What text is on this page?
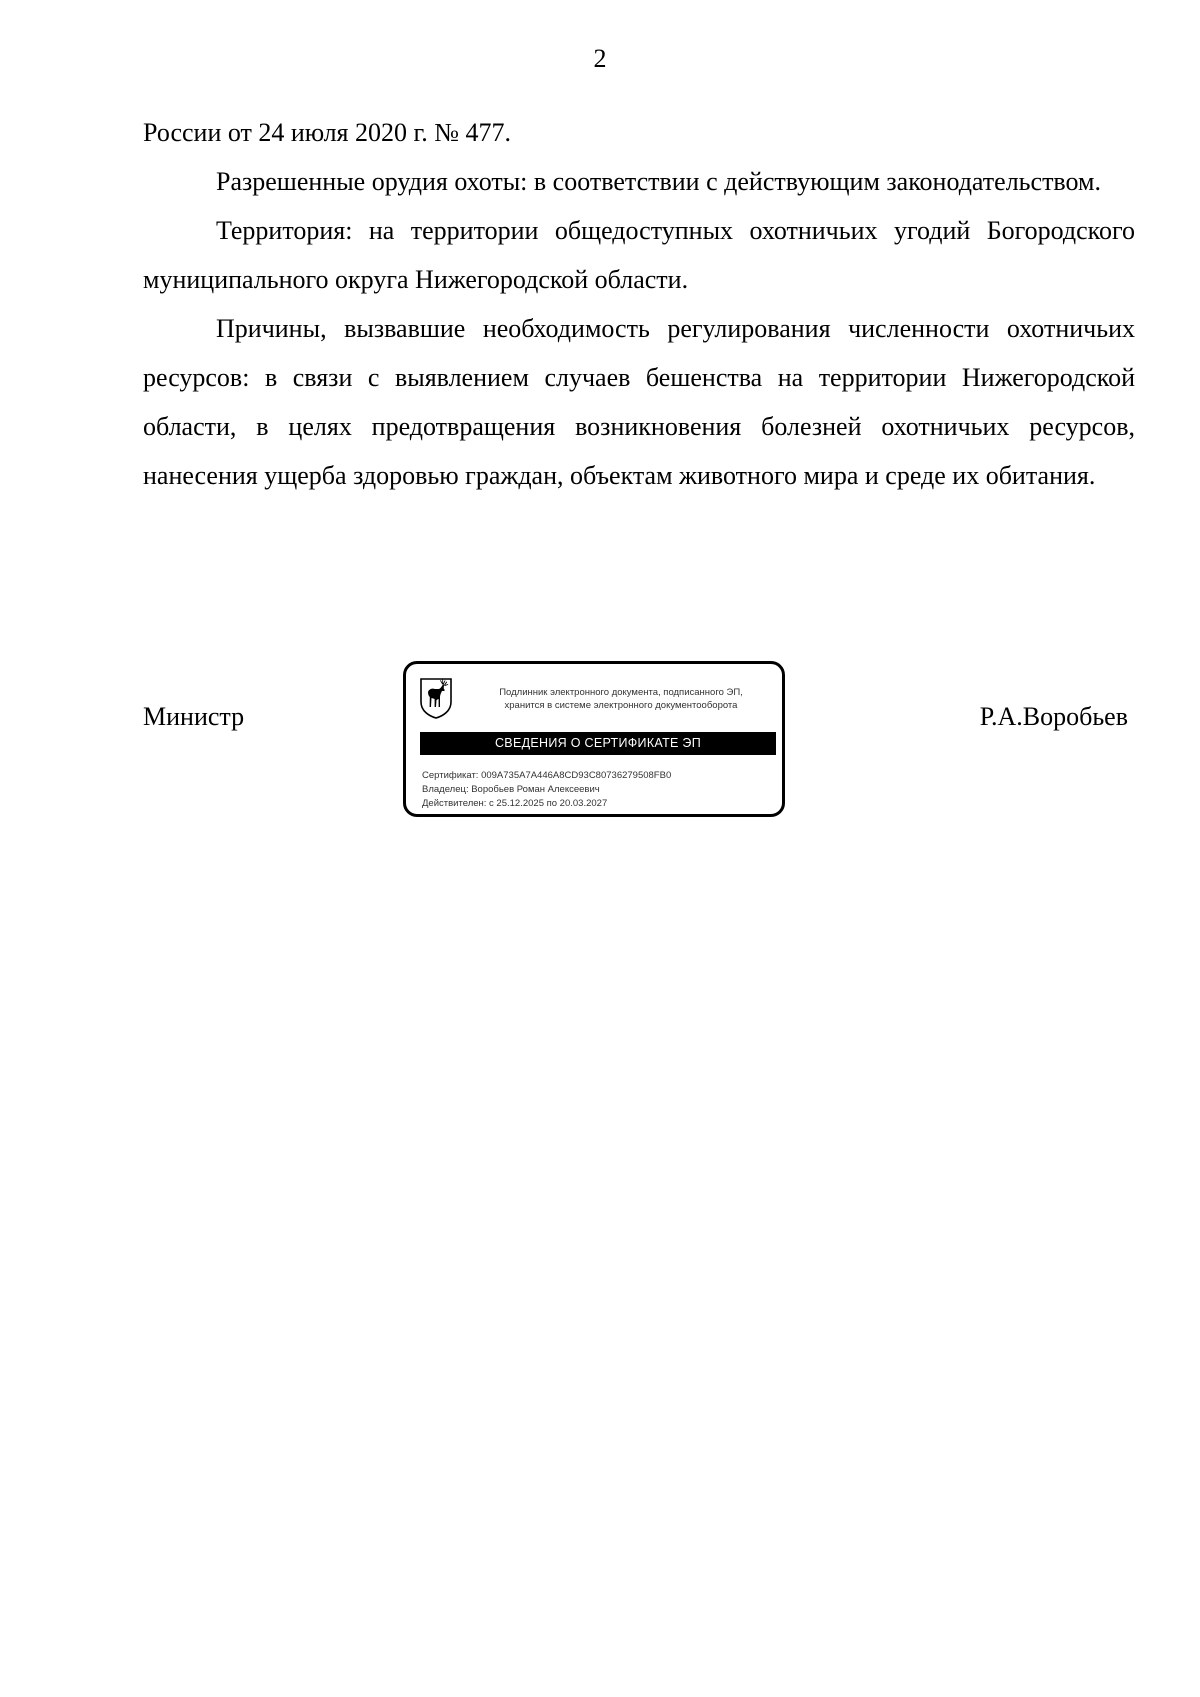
2

России от 24 июля 2020 г. № 477.

Разрешенные орудия охоты: в соответствии с действующим законодательством.

Территория: на территории общедоступных охотничьих угодий Богородского муниципального округа Нижегородской области.

Причины, вызвавшие необходимость регулирования численности охотничьих ресурсов: в связи с выявлением случаев бешенства на территории Нижегородской области, в целях предотвращения возникновения болезней охотничьих ресурсов, нанесения ущерба здоровью граждан, объектам животного мира и среде их обитания.

Министр
Подлинник электронного документа, подписанного ЭП,
хранится в системе электронного документооборота
СВЕДЕНИЯ О СЕРТИФИКАТЕ ЭП
Сертификат: 009A735A7A446A8CD93C80736279508FB0
Владелец: Воробьев Роман Алексеевич
Действителен: с 25.12.2025 по 20.03.2027
Р.А.Воробьев
